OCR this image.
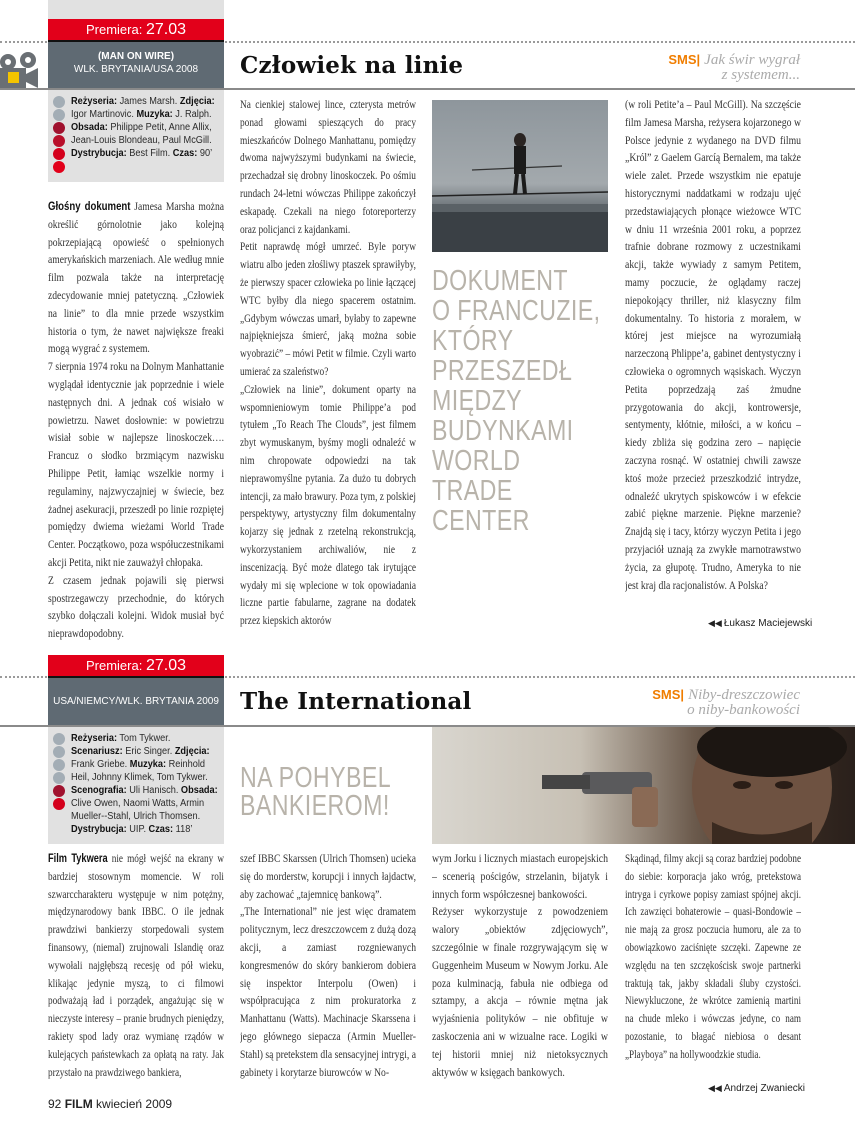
Premiera: 27.03
(MAN ON WIRE)
WLK. BRYTANIA/USA 2008	Człowiek na linie	SMS| Jak świr wygrał
z systemem...
Reżyseria: James Marsh. Zdjęcia: Igor Martinovic. Muzyka: J. Ralph. Obsada: Philippe Petit, Anne Allix, Jean-Louis Blondeau, Paul McGill. Dystrybucja: Best Film. Czas: 90’

Głośny dokument Jamesa Marsha można określić górnolotnie jako kolejną pokrzepiającą opowieść o spełnionych amerykańskich marzeniach. Ale według mnie film pozwala także na interpretację zdecydowanie mniej patetyczną. „Człowiek na linie” to dla mnie przede wszystkim historia o tym, że nawet największe freaki mogą wygrać z systemem.

7 sierpnia 1974 roku na Dolnym Manhattanie wyglądał identycznie jak poprzednie i wiele następnych dni. A jednak coś wisiało w powietrzu. Nawet dosłownie: w powietrzu wisiał sobie w najlepsze linoskoczek…. Francuz o słodko brzmiącym nazwisku Philippe Petit, łamiąc wszelkie normy i regulaminy, najzwyczajniej w świecie, bez żadnej asekuracji, przeszedł po linie rozpiętej pomiędzy dwiema wieżami World Trade Center. Początkowo, poza współuczestnikami akcji Petita, nikt nie zauważył chłopaka.

Z czasem jednak pojawili się pierwsi spostrzegawczy przechodnie, do których szybko dołączali kolejni. Widok musiał być nieprawdopodobny.

Na cienkiej stalowej lince, czterysta metrów ponad głowami spieszących do pracy mieszkańców Dolnego Manhattanu, pomiędzy dwoma najwyższymi budynkami na świecie, przechadzał się drobny linoskoczek. Po ośmiu rundach 24-letni wówczas Philippe zakończył eskapadę. Czekali na niego fotoreporterzy oraz policjanci z kajdankami.

Petit naprawdę mógł umrzeć. Byle poryw wiatru albo jeden złośliwy ptaszek sprawiłyby, że pierwszy spacer człowieka po linie łączącej WTC byłby dla niego spacerem ostatnim. „Gdybym wówczas umarł, byłaby to zapewne najpiękniejsza śmierć, jaką można sobie wyobrazić” – mówi Petit w filmie. Czyli warto umierać za szaleństwo?

„Człowiek na linie”, dokument oparty na wspomnieniowym tomie Philippe’a pod tytułem „To Reach The Clouds”, jest filmem zbyt wymuskanym, byśmy mogli odnaleźć w nim chropowate odpowiedzi na tak nieprawomyślne pytania. Za dużo tu dobrych intencji, za mało brawury. Poza tym, z polskiej perspektywy, artystyczny film dokumentalny kojarzy się jednak z rzetelną rekonstrukcją, wykorzystaniem archiwaliów, nie z inscenizacją. Być może dlatego tak irytujące wydały mi się wplecione w tok opowiadania liczne partie fabularne, zagrane na dodatek przez kiepskich aktorów

DOKUMENT
O FRANCUZIE,
KTÓRY
PRZESZEDŁ
MIĘDZY
BUDYNKAMI
WORLD
TRADE
CENTER

(w roli Petite’a – Paul McGill). Na szczęście film Jamesa Marsha, reżysera kojarzonego w Polsce jedynie z wydanego na DVD filmu „Król” z Gaelem Garcíą Bernalem, ma także wiele zalet. Przede wszystkim nie epatuje historycznymi naddatkami w rodzaju ujęć przedstawiających płonące wieżowce WTC w dniu 11 września 2001 roku, a poprzez trafnie dobrane rozmowy z uczestnikami akcji, także wywiady z samym Petitem, mamy poczucie, że oglądamy raczej niepokojący thriller, niż klasyczny film dokumentalny. To historia z morałem, w której jest miejsce na wyrozumiałą narzeczoną Phlippe’a, gabinet dentystyczny i człowieka o ogromnych wąsiskach. Wyczyn Petita poprzedzają zaś żmudne przygotowania do akcji, kontrowersje, sentymenty, kłótnie, miłości, a w końcu – kiedy zbliża się godzina zero – napięcie zaczyna rosnąć. W ostatniej chwili zawsze ktoś może przecież przeszkodzić intrydze, odnaleźć ukrytych spiskowców i w efekcie zabić piękne marzenie. Piękne marzenie? Znajdą się i tacy, którzy wyczyn Petita i jego przyjaciół uznają za zwykłe marnotrawstwo życia, za głupotę. Trudno, Ameryka to nie jest kraj dla racjonalistów. A Polska?

◀◀ Łukasz Maciejewski
Premiera: 27.03
USA/NIEMCY/WLK. BRYTANIA 2009 The International	SMS| Niby-dreszczowiec
o niby-bankowości
Reżyseria: Tom Tykwer. Scenariusz: Eric Singer. Zdjęcia: Frank Griebe. Muzyka: Reinhold Heil, Johnny Klimek, Tom Tykwer. Scenografia: Uli Hanisch. Obsada: Clive Owen, Naomi Watts, Armin Mueller--Stahl, Ulrich Thomsen. Dystrybucja: UIP. Czas: 118’
NA POHYBEL
BANKIEROM!

Film Tykwera nie mógł wejść na ekrany w bardziej stosownym momencie. W roli szwarccharakteru występuje w nim potężny, międzynarodowy bank IBBC. O ile jednak prawdziwi bankierzy storpedowali system finansowy, (niemal) zrujnowali Islandię oraz wywołali najgłębszą recesję od pół wieku, klikając jedynie myszą, to ci filmowi podważają ład i porządek, angażując się w nieczyste interesy – pranie brudnych pieniędzy, rakiety spod lady oraz wymianę rządów w kulejących państewkach za opłatą na raty. Jak przystało na prawdziwego bankiera,

szef IBBC Skarssen (Ulrich Thomsen) ucieka się do morderstw, korupcji i innych łajdactw, aby zachować „tajemnicę bankową”.

„The International” nie jest więc dramatem politycznym, lecz dreszczowcem z dużą dozą akcji, a zamiast rozgniewanych kongresmenów do skóry bankierom dobiera się inspektor Interpolu (Owen) i współpracująca z nim prokuratorka z Manhattanu (Watts). Machinacje Skarssena i jego głównego siepacza (Armin Mueller-Stahl) są pretekstem dla sensacyjnej intrygi, a gabinety i korytarze biurowców w No-

wym Jorku i licznych miastach europejskich – scenerią pościgów, strzelanin, bijatyk i innych form współczesnej bankowości.

Reżyser wykorzystuje z powodzeniem walory „obiektów zdjęciowych”, szczególnie w finale rozgrywającym się w Guggenheim Museum w Nowym Jorku. Ale poza kulminacją, fabuła nie odbiega od sztampy, a akcja – równie mętna jak wyjaśnienia polityków – nie obfituje w zaskoczenia ani w wizualne race. Logiki w tej historii mniej niż nietoksycznych aktywów w księgach bankowych.

Skądinąd, filmy akcji są coraz bardziej podobne do siebie: korporacja jako wróg, pretekstowa intryga i cyrkowe popisy zamiast spójnej akcji. Ich zawzięci bohaterowie – quasi-Bondowie – nie mają za grosz poczucia humoru, ale za to obowiązkowo zaciśnięte szczęki. Zapewne ze względu na ten szczękościsk swoje partnerki traktują tak, jakby składali śluby czystości. Niewykluczone, że wkrótce zamienią martini na chude mleko i wówczas jedyne, co nam pozostanie, to błagać niebiosa o desant „Playboya” na hollywoodzkie studia.

◀◀ Andrzej Zwaniecki
92 FILM kwiecień 2009
